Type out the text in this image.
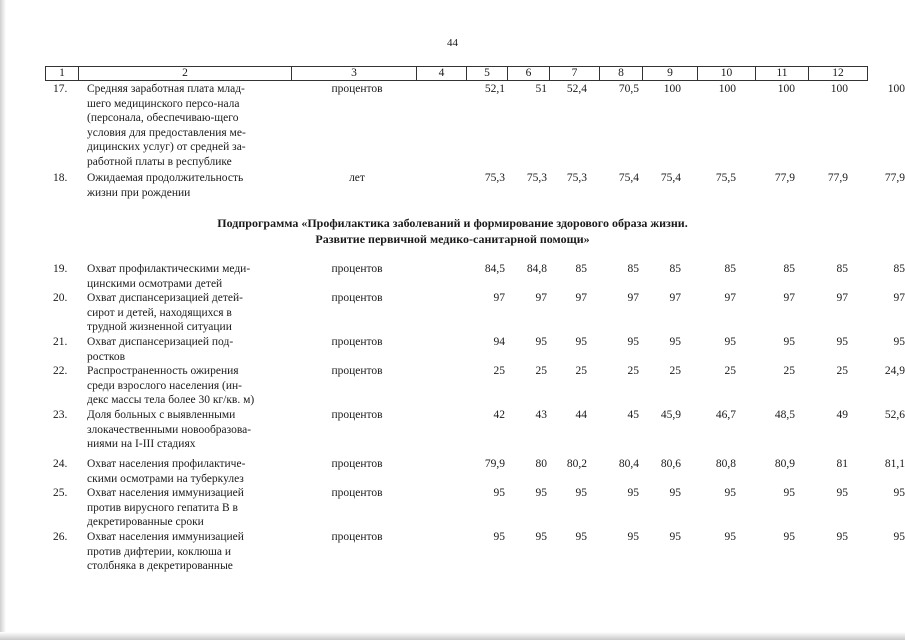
44
1	2	3	4	5	6	7	8	9	10	11	12
17.	Средняя заработная плата млад-
шего медицинского персо-нала
(персонала, обеспечиваю-щего
условия для предоставления ме-
дицинских услуг) от средней за-
работной платы в республике
процентов	52,1	51	52,4	70,5	100	100	100	100	100
18.	Ожидаемая продолжительность
жизни при рождении
лет	75,3	75,3	75,3	75,4	75,4	75,5	77,9	77,9	77,9
Подпрограмма «Профилактика заболеваний и формирование здорового образа жизни.
Развитие первичной медико-санитарной помощи»
19.	Охват профилактическими меди-
цинскими осмотрами детей
процентов	84,5	84,8	85	85	85	85	85	85	85
20.	Охват диспансеризацией детей-
сирот и детей, находящихся в
трудной жизненной ситуации
процентов	97	97	97	97	97	97	97	97	97
21.	Охват диспансеризацией под-
ростков
процентов	94	95	95	95	95	95	95	95	95
22.	Распространенность ожирения
среди взрослого населения (ин-
декс массы тела более 30 кг/кв. м)
процентов	25	25	25	25	25	25	25	25	24,9
23.	Доля больных с выявленными
злокачественными новообразова-
ниями на I-III стадиях
процентов	42	43	44	45	45,9	46,7	48,5	49	52,6
24.	Охват населения профилактиче-
скими осмотрами на туберкулез
процентов	79,9	80	80,2	80,4	80,6	80,8	80,9	81	81,1
25.	Охват населения иммунизацией
против вирусного гепатита В в
декретированные сроки
процентов	95	95	95	95	95	95	95	95	95
26.	Охват населения иммунизацией
против дифтерии, коклюша и
столбняка в декретированные
процентов	95	95	95	95	95	95	95	95	95
